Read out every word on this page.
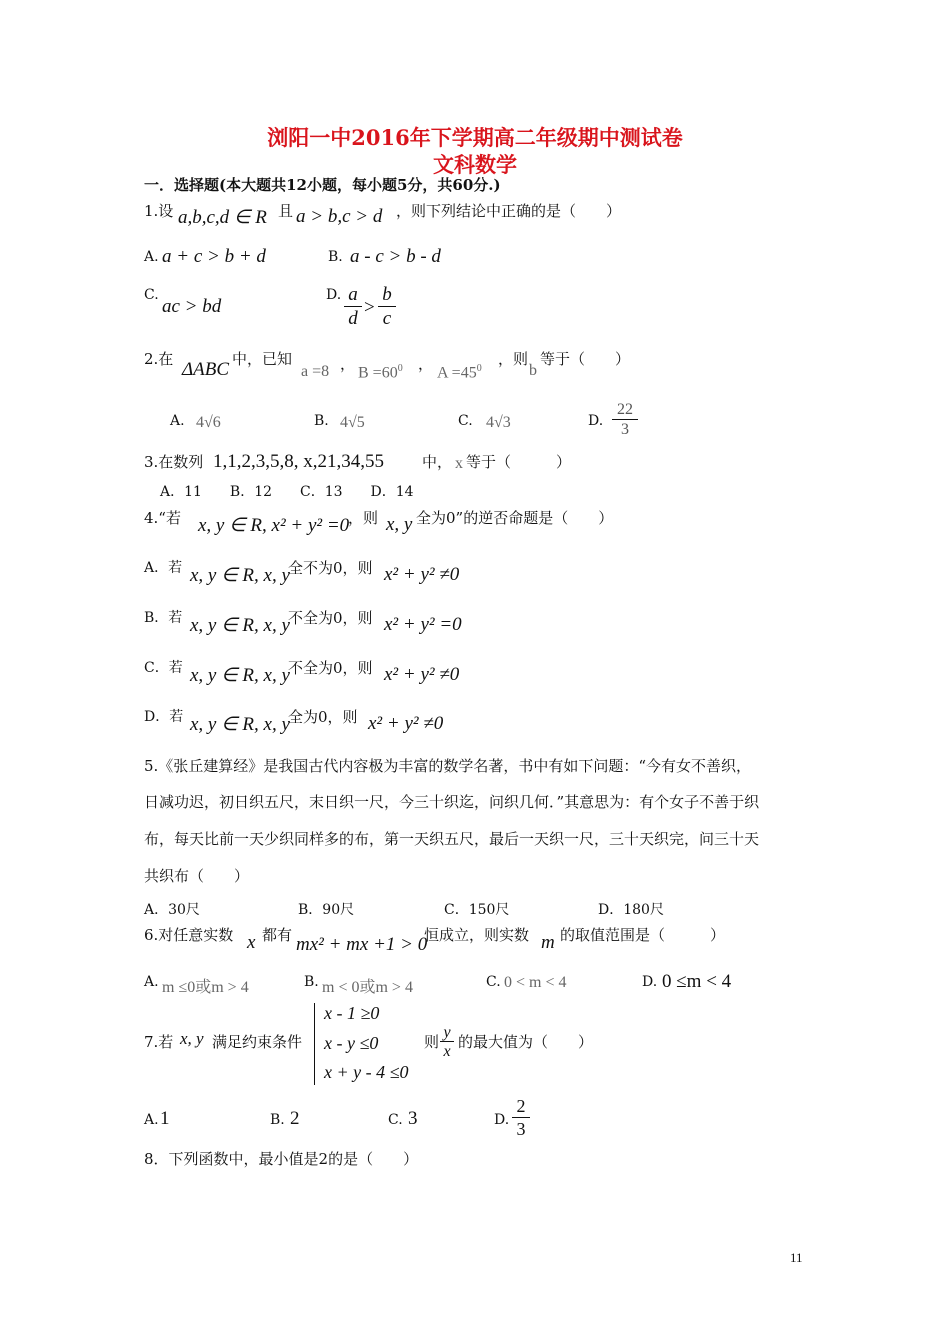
浏阳一中2016年下学期高二年级期中测试卷
文科数学
一．选择题(本大题共12小题，每小题5分，共60分.)
1.设 a,b,c,d ∈ R 且 a > b,c > d ，则下列结论中正确的是（　　）
A. a + c > b + d	B. a - c > b - d
C.
ac > bd
D. $\frac{a}{d} > \frac{b}{c}$
2.在 ΔABC 中，已知
a =8 ， $B =60^0$ ， $A =45^0$
，则
b
等于（　　）
A. 4√6	B. 4√5	C. 4√3	D. $\frac{22}{3}$
3.在数列 1,1,2,3,5,8, x,21,34,55	中， x 等于（　　　）
A．11　　B．12　　C．13　　D．14
4.“若 x, y ∈ R, x² + y² =0
，则 x, y 全为0”的逆否命题是（　　）
A．若 x, y ∈ R, x, y
全不为0，则 x² + y² ≠0
B．若 x, y ∈ R, x, y
不全为0，则 x² + y² =0
C．若 x, y ∈ R, x, y
不全为0，则 x² + y² ≠0
D．若 x, y ∈ R, x, y
全为0，则 x² + y² ≠0
5.《张丘建算经》是我国古代内容极为丰富的数学名著，书中有如下问题：“今有女不善织，
日减功迟，初日织五尺，末日织一尺，今三十织迄，问织几何．”其意思为：有个女子不善于织
布，每天比前一天少织同样多的布，第一天织五尺，最后一天织一尺，三十天织完，问三十天
共织布（　　）
A．30尺	B．90尺	C．150尺	D．180尺
6.对任意实数 x 都有 mx² + mx +1 > 0
恒成立，则实数 m 的取值范围是（　　　）
A. m ≤0或m > 4	B. m < 0或m > 4	C. 0 < m < 4	D. 0 ≤m < 4
7.若 x, y 满足约束条件
x - 1 ≥0
x - y ≤0
x + y - 4 ≤0
则 $\frac{y}{x}$ 的最大值为（　　）
A. 1	B. 2	C. 3	D. $\frac{2}{3}$
8．下列函数中，最小值是2的是（　　）
11
